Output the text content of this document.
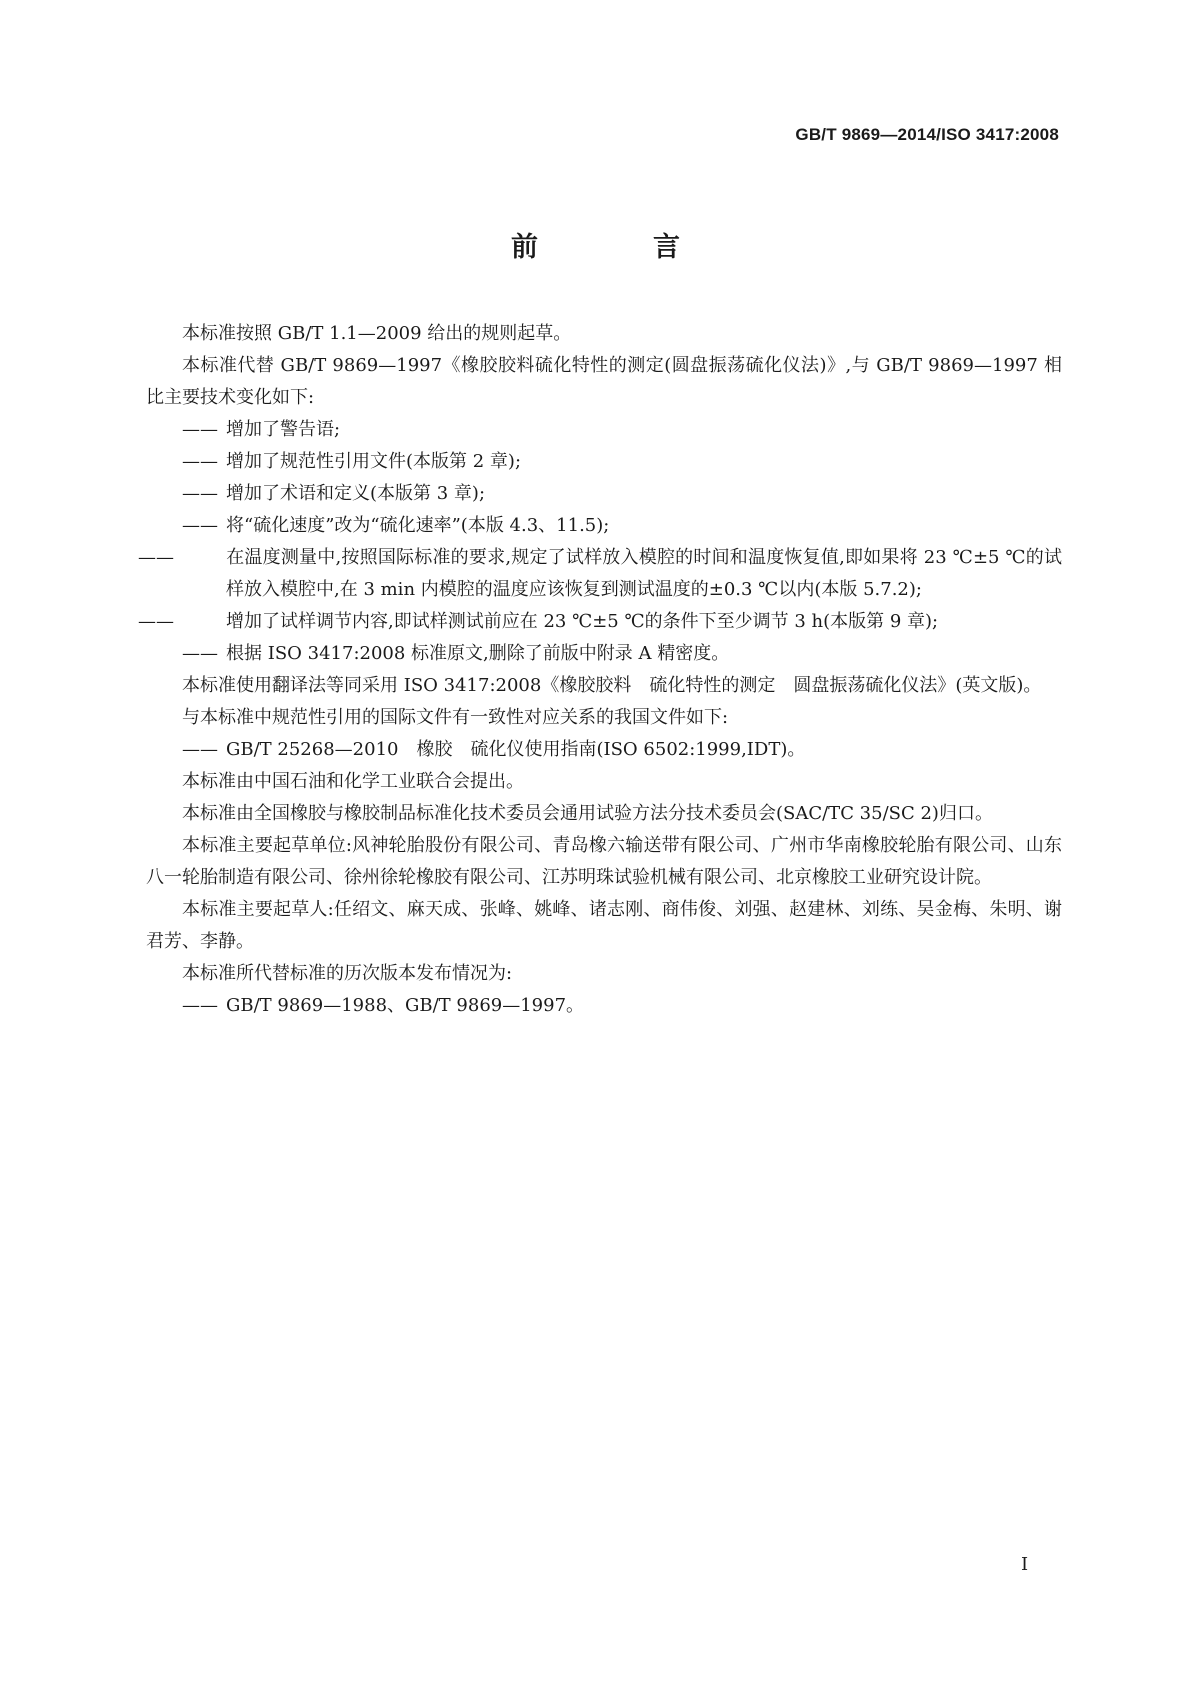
GB/T 9869—2014/ISO 3417:2008
前　言

本标准按照 GB/T 1.1—2009 给出的规则起草。

本标准代替 GB/T 9869—1997《橡胶胶料硫化特性的测定(圆盘振荡硫化仪法)》,与 GB/T 9869—1997 相比主要技术变化如下:

—— 增加了警告语;
—— 增加了规范性引用文件(本版第 2 章);
—— 增加了术语和定义(本版第 3 章);
—— 将“硫化速度”改为“硫化速率”(本版 4.3、11.5);
——	在温度测量中,按照国际标准的要求,规定了试样放入模腔的时间和温度恢复值,即如果将 23 ℃±5 ℃的试样放入模腔中,在 3 min 内模腔的温度应该恢复到测试温度的±0.3 ℃以内(本版 5.7.2);
——	增加了试样调节内容,即试样测试前应在 23 ℃±5 ℃的条件下至少调节 3 h(本版第 9 章);
—— 根据 ISO 3417:2008 标准原文,删除了前版中附录 A 精密度。

本标准使用翻译法等同采用 ISO 3417:2008《橡胶胶料　硫化特性的测定　圆盘振荡硫化仪法》(英文版)。

与本标准中规范性引用的国际文件有一致性对应关系的我国文件如下:

—— GB/T 25268—2010　橡胶　硫化仪使用指南(ISO 6502:1999,IDT)。

本标准由中国石油和化学工业联合会提出。

本标准由全国橡胶与橡胶制品标准化技术委员会通用试验方法分技术委员会(SAC/TC 35/SC 2)归口。

本标准主要起草单位:风神轮胎股份有限公司、青岛橡六输送带有限公司、广州市华南橡胶轮胎有限公司、山东八一轮胎制造有限公司、徐州徐轮橡胶有限公司、江苏明珠试验机械有限公司、北京橡胶工业研究设计院。

本标准主要起草人:任绍文、麻天成、张峰、姚峰、诸志刚、商伟俊、刘强、赵建林、刘练、吴金梅、朱明、谢君芳、李静。

本标准所代替标准的历次版本发布情况为:

—— GB/T 9869—1988、GB/T 9869—1997。
I
